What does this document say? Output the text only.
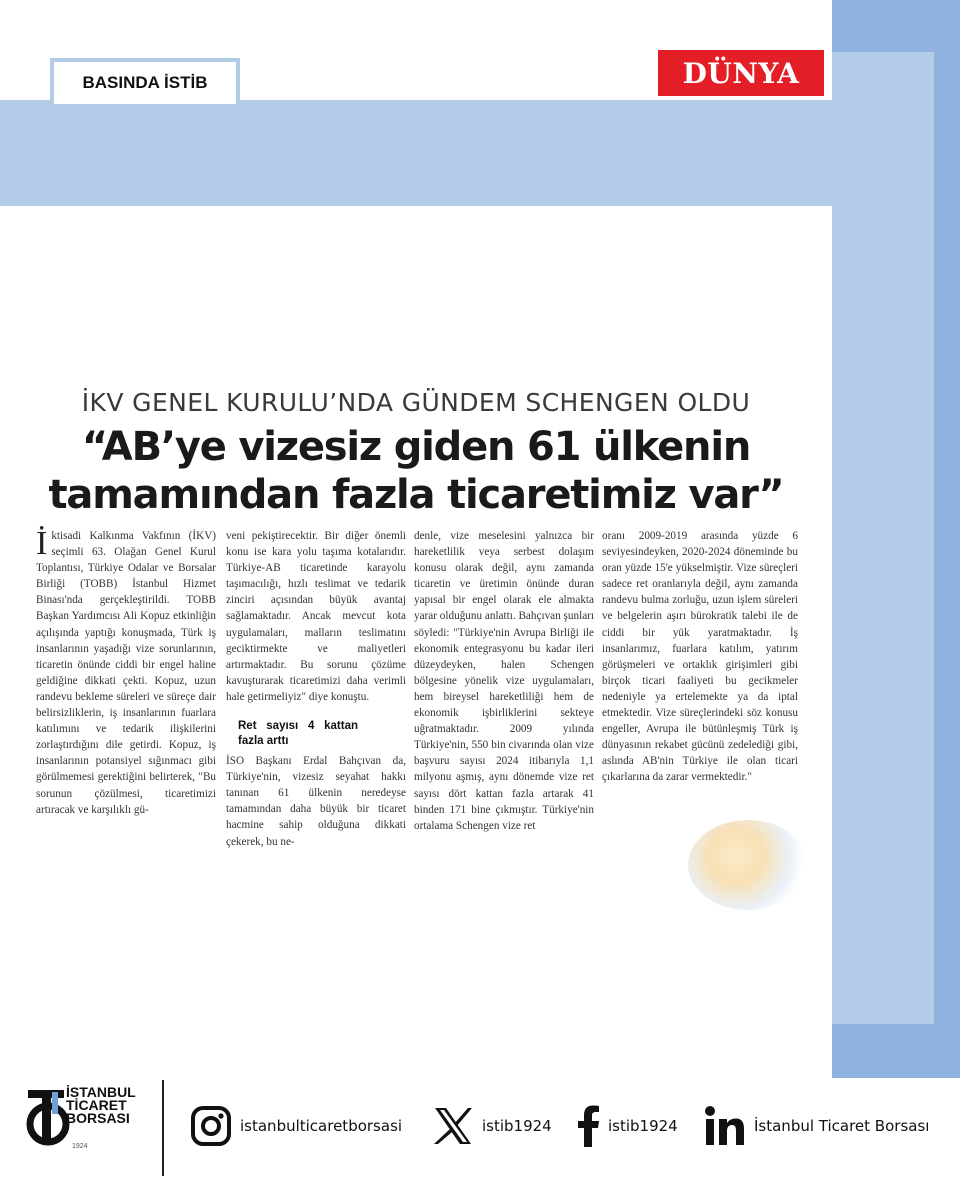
BASINDA İSTİB	DÜNYA
İKV GENEL KURULU’NDA GÜNDEM SCHENGEN OLDU
“AB’ye vizesiz giden 61 ülkenin
tamamından fazla ticaretimiz var”
İ ktisadi Kalkınma Vakfının (İKV) seçimli 63. Olağan Genel Kurul Toplantısı, Türkiye Odalar ve Borsalar Birliği (TOBB) İstanbul Hizmet Binası'nda gerçekleştirildi. TOBB Başkan Yardımcısı Ali Kopuz etkinliğin açılışında yaptığı konuşmada, Türk iş insanlarının yaşadığı vize sorunlarının, ticaretin önünde ciddi bir engel haline geldiğine dikkati çekti. Kopuz, uzun randevu bekleme süreleri ve süreçe dair belirsizliklerin, iş insanlarının fuarlara katılımını ve tedarik ilişkilerini zorlaştırdığını dile getirdi. Kopuz, iş insanlarının potansiyel sığınmacı gibi görülmemesi gerektiğini belirterek, "Bu sorunun çözülmesi, ticaretimizi artıracak ve karşılıklı gü-

veni pekiştirecektir. Bir diğer önemli konu ise kara yolu taşıma kotalarıdır. Türkiye-AB ticaretinde karayolu taşımacılığı, hızlı teslimat ve tedarik zinciri açısından büyük avantaj sağlamaktadır. Ancak mevcut kota uygulamaları, malların teslimatını geciktirmekte ve maliyetleri artırmaktadır. Bu sorunu çözüme kavuşturarak ticaretimizi daha verimli hale getirmeliyiz" diye konuştu.

Ret sayısı 4 kattan fazla arttı

İSO Başkanı Erdal Bahçıvan da, Türkiye'nin, vizesiz seyahat hakkı tanınan 61 ülkenin neredeyse tamamından daha büyük bir ticaret hacmine sahip olduğuna dikkati çekerek, bu ne-

denle, vize meselesini yalnızca bir hareketlilik veya serbest dolaşım konusu olarak değil, aynı zamanda ticaretin ve üretimin önünde duran yapısal bir engel olarak ele almakta yarar olduğunu anlattı. Bahçıvan şunları söyledi: "Türkiye'nin Avrupa Birliği ile ekonomik entegrasyonu bu kadar ileri düzeydeyken, halen Schengen bölgesine yönelik vize uygulamaları, hem bireysel hareketliliği hem de ekonomik işbirliklerini sekteye uğratmaktadır. 2009 yılında Türkiye'nin, 550 bin civarında olan vize başvuru sayısı 2024 itibarıyla 1,1 milyonu aşmış, aynı dönemde vize ret sayısı dört kattan fazla artarak 41 binden 171 bine çıkmıştır. Türkiye'nin ortalama Schengen vize ret

oranı 2009-2019 arasında yüzde 6 seviyesindeyken, 2020-2024 döneminde bu oran yüzde 15'e yükselmiştir. Vize süreçleri sadece ret oranlarıyla değil, aynı zamanda randevu bulma zorluğu, uzun işlem süreleri ve belgelerin aşırı bürokratik talebi ile de ciddi bir yük yaratmaktadır. İş insanlarımız, fuarlara katılım, yatırım görüşmeleri ve ortaklık girişimleri gibi birçok ticari faaliyeti bu gecikmeler nedeniyle ya ertelemekte ya da iptal etmektedir. Vize süreçlerindeki söz konusu engeller, Avrupa ile bütünleşmiş Türk iş dünyasının rekabet gücünü zedelediği gibi, aslında AB'nin Türkiye ile olan ticari çıkarlarına da zarar vermektedir."

İSTANBUL
TİCARET
BORSASI
1924
istanbulticaretborsasi	istib1924	istib1924	İstanbul Ticaret Borsası
